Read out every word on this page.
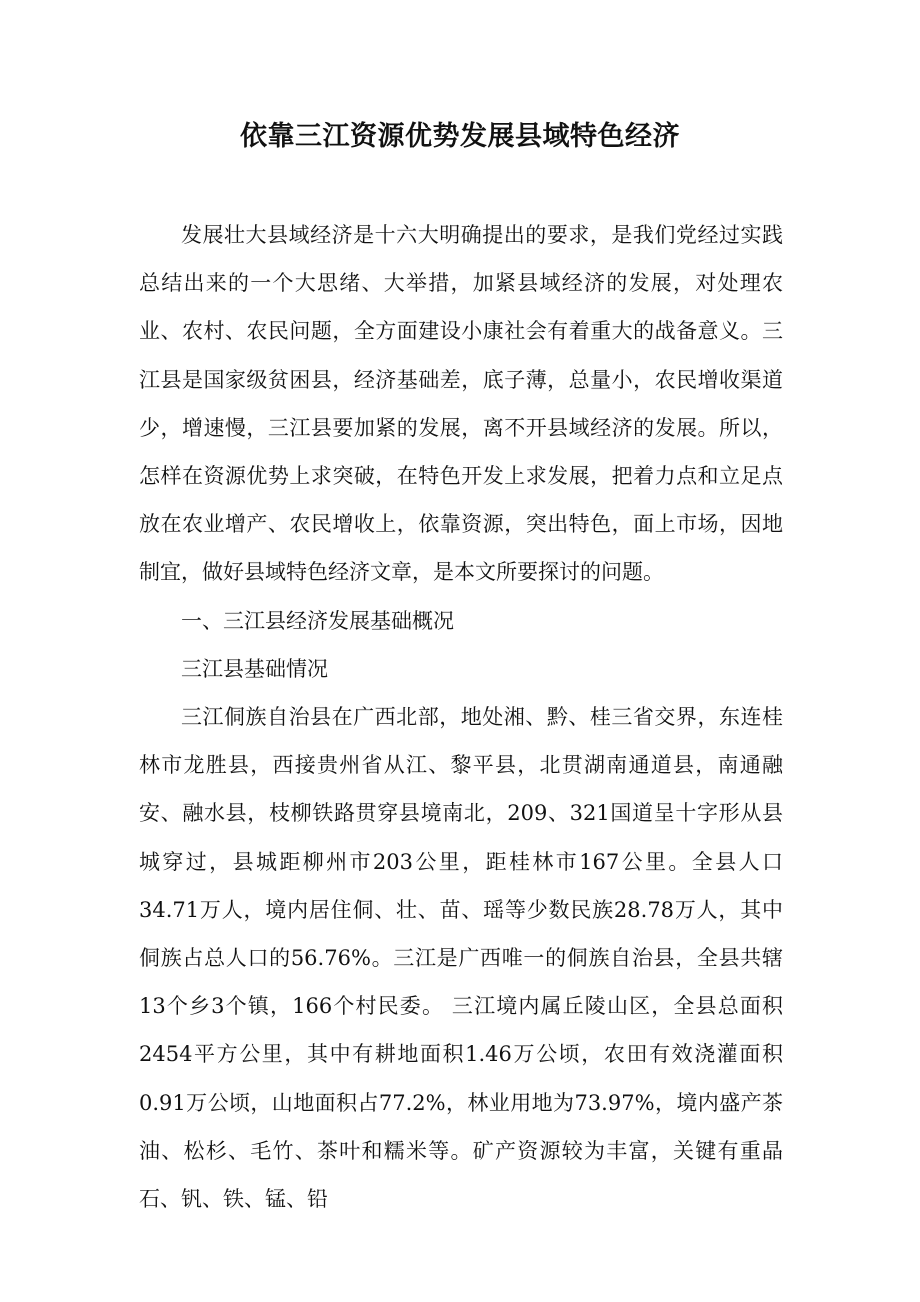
依靠三江资源优势发展县域特色经济

发展壮大县域经济是十六大明确提出的要求，是我们党经过实践总结出来的一个大思绪、大举措，加紧县域经济的发展，对处理农业、农村、农民问题，全方面建设小康社会有着重大的战备意义。三江县是国家级贫困县，经济基础差，底子薄，总量小，农民增收渠道少，增速慢，三江县要加紧的发展，离不开县域经济的发展。所以，怎样在资源优势上求突破，在特色开发上求发展，把着力点和立足点放在农业增产、农民增收上，依靠资源，突出特色，面上市场，因地制宜，做好县域特色经济文章，是本文所要探讨的问题。

一、三江县经济发展基础概况

三江县基础情况

三江侗族自治县在广西北部，地处湘、黔、桂三省交界，东连桂林市龙胜县，西接贵州省从江、黎平县，北贯湖南通道县，南通融安、融水县，枝柳铁路贯穿县境南北，209、321国道呈十字形从县城穿过，县城距柳州市203公里，距桂林市167公里。全县人口34.71万人，境内居住侗、壮、苗、瑶等少数民族28.78万人，其中侗族占总人口的56.76%。三江是广西唯一的侗族自治县，全县共辖13个乡3个镇，166个村民委。 三江境内属丘陵山区，全县总面积2454平方公里，其中有耕地面积1.46万公顷，农田有效浇灌面积0.91万公顷，山地面积占77.2%，林业用地为73.97%，境内盛产茶油、松杉、毛竹、茶叶和糯米等。矿产资源较为丰富，关键有重晶石、钒、铁、锰、铅
